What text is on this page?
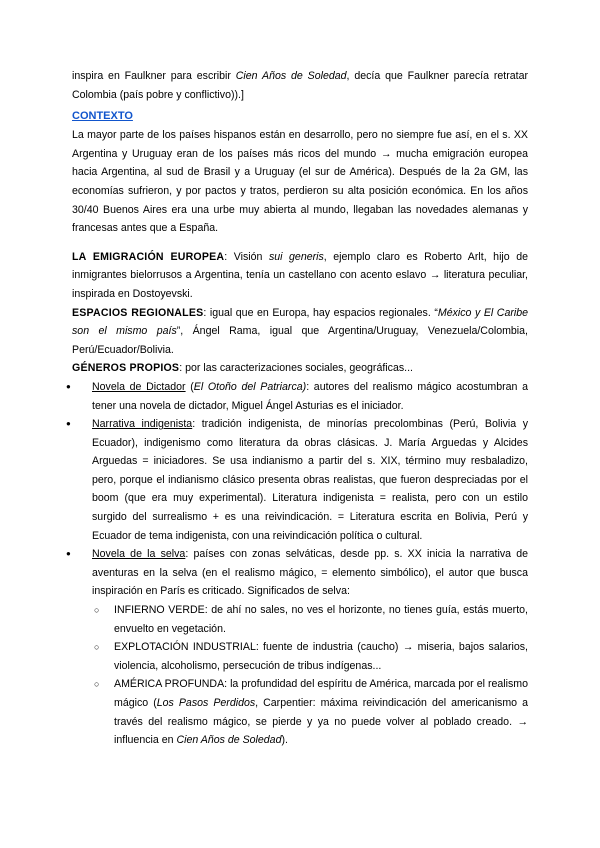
inspira en Faulkner para escribir Cien Años de Soledad, decía que Faulkner parecía retratar Colombia (país pobre y conflictivo)).]

CONTEXTO

La mayor parte de los países hispanos están en desarrollo, pero no siempre fue así, en el s. XX Argentina y Uruguay eran de los países más ricos del mundo → mucha emigración europea hacia Argentina, al sud de Brasil y a Uruguay (el sur de América). Después de la 2a GM, las economías sufrieron, y por pactos y tratos, perdieron su alta posición económica. En los años 30/40 Buenos Aires era una urbe muy abierta al mundo, llegaban las novedades alemanas y francesas antes que a España.

LA EMIGRACIÓN EUROPEA: Visión sui generis, ejemplo claro es Roberto Arlt, hijo de inmigrantes bielorrusos a Argentina, tenía un castellano con acento eslavo → literatura peculiar, inspirada en Dostoyevski.

ESPACIOS REGIONALES: igual que en Europa, hay espacios regionales. “México y El Caribe son el mismo país”, Ángel Rama, igual que Argentina/Uruguay, Venezuela/Colombia, Perú/Ecuador/Bolivia.

GÉNEROS PROPIOS: por las caracterizaciones sociales, geográficas...

● Novela de Dictador (El Otoño del Patriarca): autores del realismo mágico acostumbran a tener una novela de dictador, Miguel Ángel Asturias es el iniciador.
● Narrativa indigenista: tradición indigenista, de minorías precolombinas (Perú, Bolivia y Ecuador), indigenismo como literatura da obras clásicas. J. María Arguedas y Alcides Arguedas = iniciadores. Se usa indianismo a partir del s. XIX, término muy resbaladizo, pero, porque el indianismo clásico presenta obras realistas, que fueron despreciadas por el boom (que era muy experimental). Literatura indigenista = realista, pero con un estilo surgido del surrealismo + es una reivindicación. = Literatura escrita en Bolivia, Perú y Ecuador de tema indigenista, con una reivindicación política o cultural.
● Novela de la selva: países con zonas selváticas, desde pp. s. XX inicia la narrativa de aventuras en la selva (en el realismo mágico, = elemento simbólico), el autor que busca inspiración en París es criticado. Significados de selva:
○ INFIERNO VERDE: de ahí no sales, no ves el horizonte, no tienes guía, estás muerto, envuelto en vegetación.
○ EXPLOTACIÓN INDUSTRIAL: fuente de industria (caucho) → miseria, bajos salarios, violencia, alcoholismo, persecución de tribus indígenas...
○ AMÉRICA PROFUNDA: la profundidad del espíritu de América, marcada por el realismo mágico (Los Pasos Perdidos, Carpentier: máxima reivindicación del americanismo a través del realismo mágico, se pierde y ya no puede volver al poblado creado. → influencia en Cien Años de Soledad).
